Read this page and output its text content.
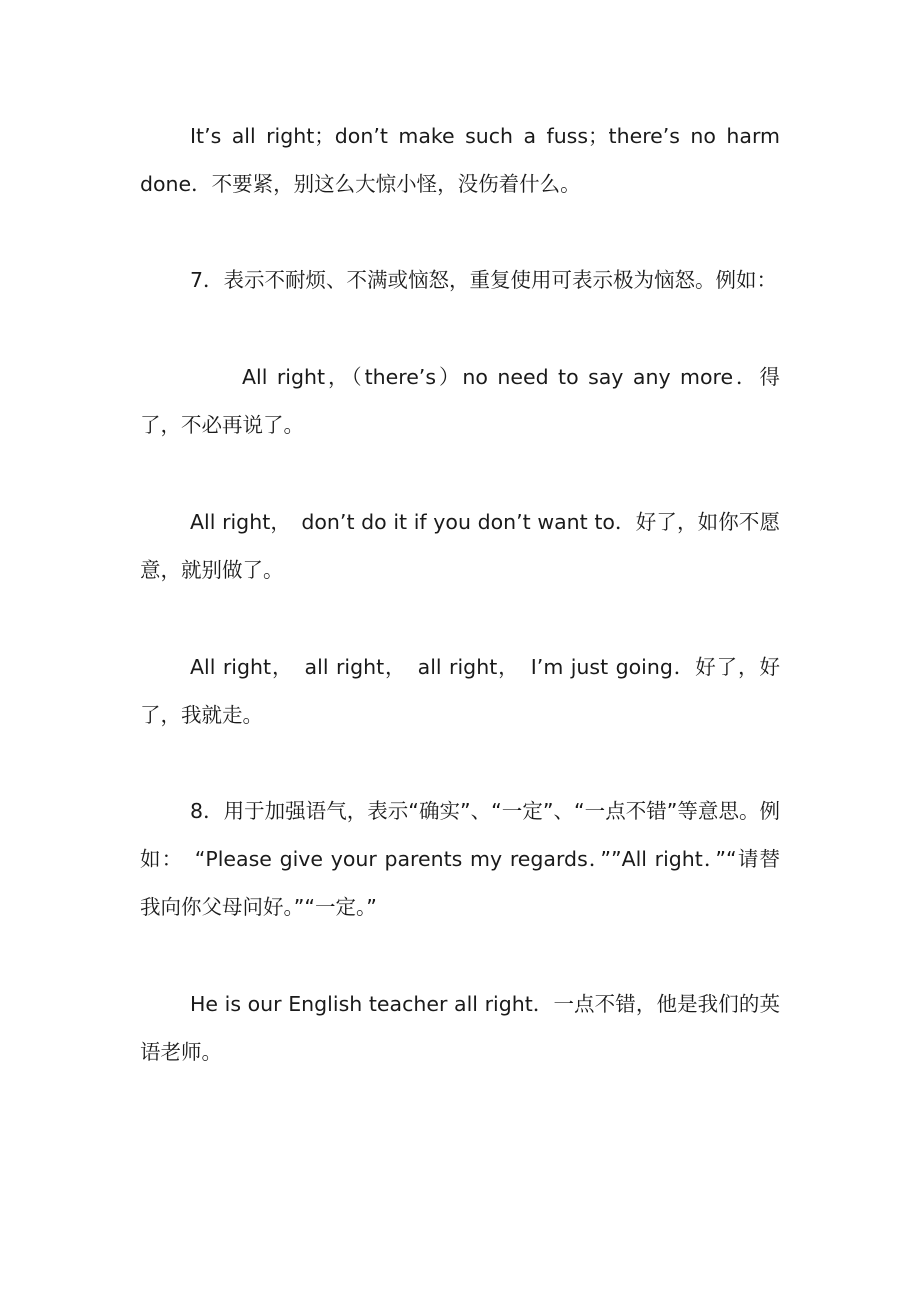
It’s all right；don’t make such a fuss；there’s no harm done．不要紧，别这么大惊小怪，没伤着什么。

7．表示不耐烦、不满或恼怒，重复使用可表示极为恼怒。例如：

All right，（there’s）no need to say any more．得了，不必再说了。

All right，　don’t do it if you don’t want to．好了，如你不愿意，就别做了。

All right，　all right，　all right，　I’m just going．好了，好了，我就走。

8．用于加强语气，表示“确实”、“一定”、“一点不错”等意思。例如：　“Please give your parents my regards．””All right．”“请替我向你父母问好。”“一定。”

He is our English teacher all right．一点不错，他是我们的英语老师。
